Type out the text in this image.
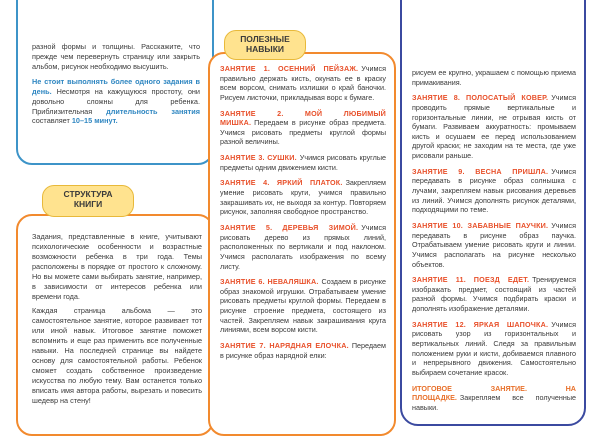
разной формы и толщины. Расскажите, что прежде чем перевернуть страницу или закрыть альбом, рисунок необходимо высушить.

Не стоит выполнять более одного задания в день. Несмотря на кажущуюся простоту, они довольно сложны для ребенка. Приблизительная длительность занятия составляет 10–15 минут.

Задания, представленные в книге, учитывают психологические особенности и возрастные возможности ребенка в три года. Темы расположены в порядке от простого к сложному. Но вы можете сами выбирать занятие, например, в зависимости от интересов ребенка или времени года.

Каждая страница альбома — это самостоятельное занятие, которое развивает тот или иной навык. Итоговое занятие поможет вспомнить и еще раз применить все полученные навыки. На последней странице вы найдете основу для самостоятельной работы. Ребенок сможет создать собственное произведение искусства по любую тему. Вам останется только вписать имя автора работы, вырезать и повесить шедевр на стену!

СТРУКТУРА КНИГИ

ЗАНЯТИЕ 1. ОСЕННИЙ ПЕЙЗАЖ. Учимся правильно держать кисть, окунать ее в краску всем ворсом, снимать излишки о край баночки. Рисуем листочки, прикладывая ворс к бумаге.

ЗАНЯТИЕ 2. МОЙ ЛЮБИМЫЙ МИШКА. Передаем в рисунке образ предмета. Учимся рисовать предметы круглой формы разной величины.

ЗАНЯТИЕ 3. СУШКИ. Учимся рисовать круглые предметы одним движением кисти.

ЗАНЯТИЕ 4. ЯРКИЙ ПЛАТОК. Закрепляем умение рисовать круги, учимся правильно закрашивать их, не выходя за контур. Повторяем рисунок, заполняя свободное пространство.

ЗАНЯТИЕ 5. ДЕРЕВЬЯ ЗИМОЙ. Учимся рисовать дерево из прямых линий, расположенных по вертикали и под наклоном. Учимся располагать изображения по всему листу.

ЗАНЯТИЕ 6. НЕВАЛЯШКА. Создаем в рисунке образ знакомой игрушки. Отрабатываем умение рисовать предметы круглой формы. Передаем в рисунке строение предмета, состоящего из частей. Закрепляем навык закрашивания круга линиями, всем ворсом кисти.

ЗАНЯТИЕ 7. НАРЯДНАЯ ЕЛОЧКА. Передаем в рисунке образ нарядной елки:

ПОЛЕЗНЫЕ НАВЫКИ

рисуем ее крупно, украшаем с помощью приема примакивания.

ЗАНЯТИЕ 8. ПОЛОСАТЫЙ КОВЕР. Учимся проводить прямые вертикальные и горизонтальные линии, не отрывая кисть от бумаги. Развиваем аккуратность: промываем кисть и осушаем ее перед использованием другой краски; не заходим на те места, где уже рисовали раньше.

ЗАНЯТИЕ 9. ВЕСНА ПРИШЛА. Учимся передавать в рисунке образ солнышка с лучами, закрепляем навык рисования деревьев из линий. Учимся дополнять рисунок деталями, подходящими по теме.

ЗАНЯТИЕ 10. ЗАБАВНЫЕ ПАУЧКИ. Учимся передавать в рисунке образ паучка. Отрабатываем умение рисовать круги и линии. Учимся располагать на рисунке несколько объектов.

ЗАНЯТИЕ 11. ПОЕЗД ЕДЕТ. Тренируемся изображать предмет, состоящий из частей разной формы. Учимся подбирать краски и дополнять изображение деталями.

ЗАНЯТИЕ 12. ЯРКАЯ ШАПОЧКА. Учимся рисовать узор из горизонтальных и вертикальных линий. Следя за правильным положением руки и кисти, добиваемся плавного и непрерывного движения. Самостоятельно выбираем сочетание красок.

ИТОГОВОЕ ЗАНЯТИЕ. НА ПЛОЩАДКЕ. Закрепляем все полученные навыки.
